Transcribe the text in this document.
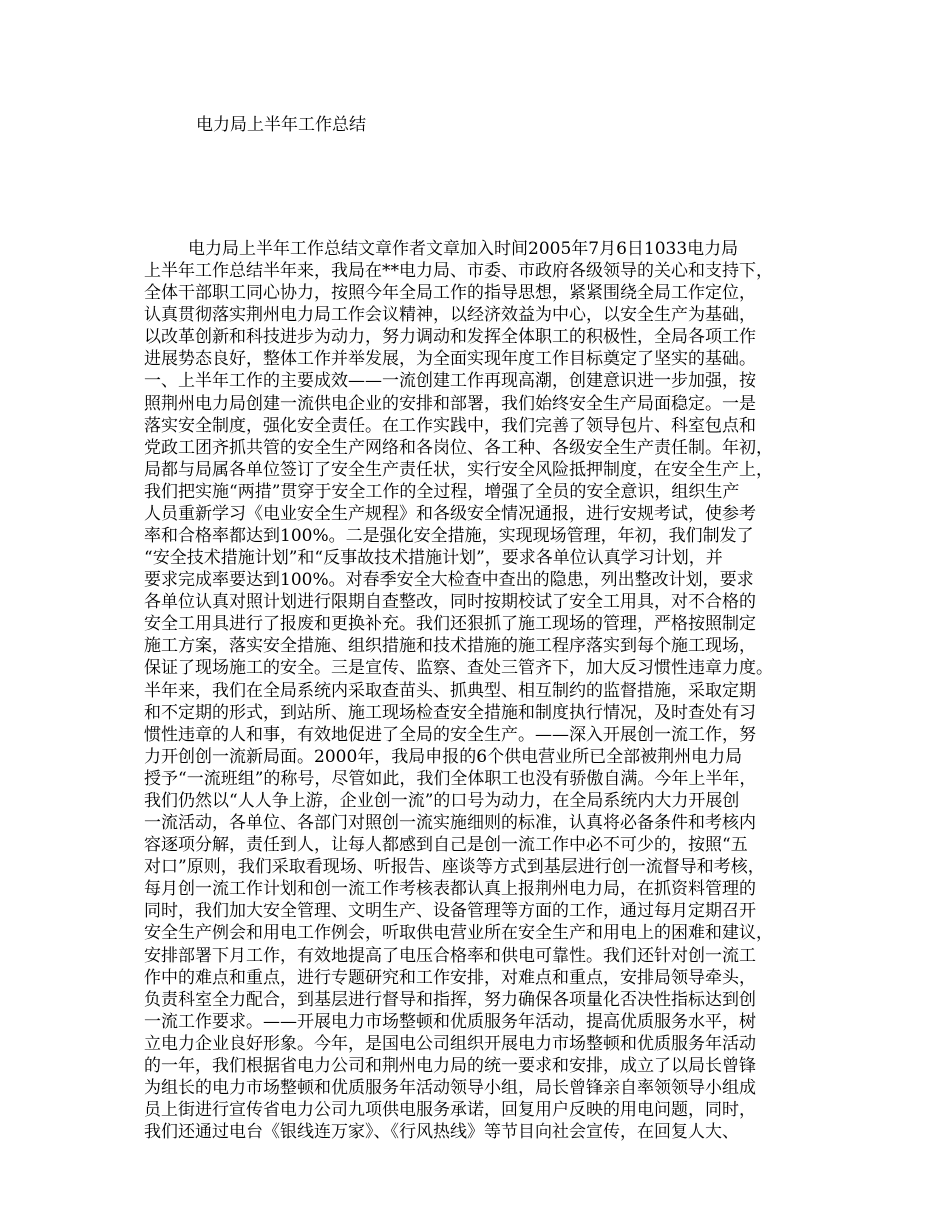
电力局上半年工作总结
电力局上半年工作总结文章作者文章加入时间2005年7月6日1033电力局
上半年工作总结半年来，我局在**电力局、市委、市政府各级领导的关心和支持下，
全体干部职工同心协力，按照今年全局工作的指导思想，紧紧围绕全局工作定位，
认真贯彻落实荆州电力局工作会议精神，以经济效益为中心，以安全生产为基础，
以改革创新和科技进步为动力，努力调动和发挥全体职工的积极性，全局各项工作
进展势态良好，整体工作并举发展，为全面实现年度工作目标奠定了坚实的基础。
一、上半年工作的主要成效——一流创建工作再现高潮，创建意识进一步加强，按
照荆州电力局创建一流供电企业的安排和部署，我们始终安全生产局面稳定。一是
落实安全制度，强化安全责任。在工作实践中，我们完善了领导包片、科室包点和
党政工团齐抓共管的安全生产网络和各岗位、各工种、各级安全生产责任制。年初，
局都与局属各单位签订了安全生产责任状，实行安全风险抵押制度，在安全生产上，
我们把实施“两措”贯穿于安全工作的全过程，增强了全员的安全意识，组织生产
人员重新学习《电业安全生产规程》和各级安全情况通报，进行安规考试，使参考
率和合格率都达到100%。二是强化安全措施，实现现场管理，年初，我们制发了
“安全技术措施计划”和“反事故技术措施计划”，要求各单位认真学习计划，并
要求完成率要达到100%。对春季安全大检查中查出的隐患，列出整改计划，要求
各单位认真对照计划进行限期自查整改，同时按期校试了安全工用具，对不合格的
安全工用具进行了报废和更换补充。我们还狠抓了施工现场的管理，严格按照制定
施工方案，落实安全措施、组织措施和技术措施的施工程序落实到每个施工现场，
保证了现场施工的安全。三是宣传、监察、查处三管齐下，加大反习惯性违章力度。
半年来，我们在全局系统内采取查苗头、抓典型、相互制约的监督措施，采取定期
和不定期的形式，到站所、施工现场检查安全措施和制度执行情况，及时查处有习
惯性违章的人和事，有效地促进了全局的安全生产。——深入开展创一流工作，努
力开创创一流新局面。2000年，我局申报的6个供电营业所已全部被荆州电力局
授予“一流班组”的称号，尽管如此，我们全体职工也没有骄傲自满。今年上半年，
我们仍然以“人人争上游，企业创一流”的口号为动力，在全局系统内大力开展创
一流活动，各单位、各部门对照创一流实施细则的标准，认真将必备条件和考核内
容逐项分解，责任到人，让每人都感到自己是创一流工作中必不可少的，按照“五
对口”原则，我们采取看现场、听报告、座谈等方式到基层进行创一流督导和考核，
每月创一流工作计划和创一流工作考核表都认真上报荆州电力局，在抓资料管理的
同时，我们加大安全管理、文明生产、设备管理等方面的工作，通过每月定期召开
安全生产例会和用电工作例会，听取供电营业所在安全生产和用电上的困难和建议，
安排部署下月工作，有效地提高了电压合格率和供电可靠性。我们还针对创一流工
作中的难点和重点，进行专题研究和工作安排，对难点和重点，安排局领导牵头，
负责科室全力配合，到基层进行督导和指挥，努力确保各项量化否决性指标达到创
一流工作要求。——开展电力市场整顿和优质服务年活动，提高优质服务水平，树
立电力企业良好形象。今年，是国电公司组织开展电力市场整顿和优质服务年活动
的一年，我们根据省电力公司和荆州电力局的统一要求和安排，成立了以局长曾锋
为组长的电力市场整顿和优质服务年活动领导小组，局长曾锋亲自率领领导小组成
员上街进行宣传省电力公司九项供电服务承诺，回复用户反映的用电问题，同时，
我们还通过电台《银线连万家》、《行风热线》等节目向社会宣传，在回复人大、
